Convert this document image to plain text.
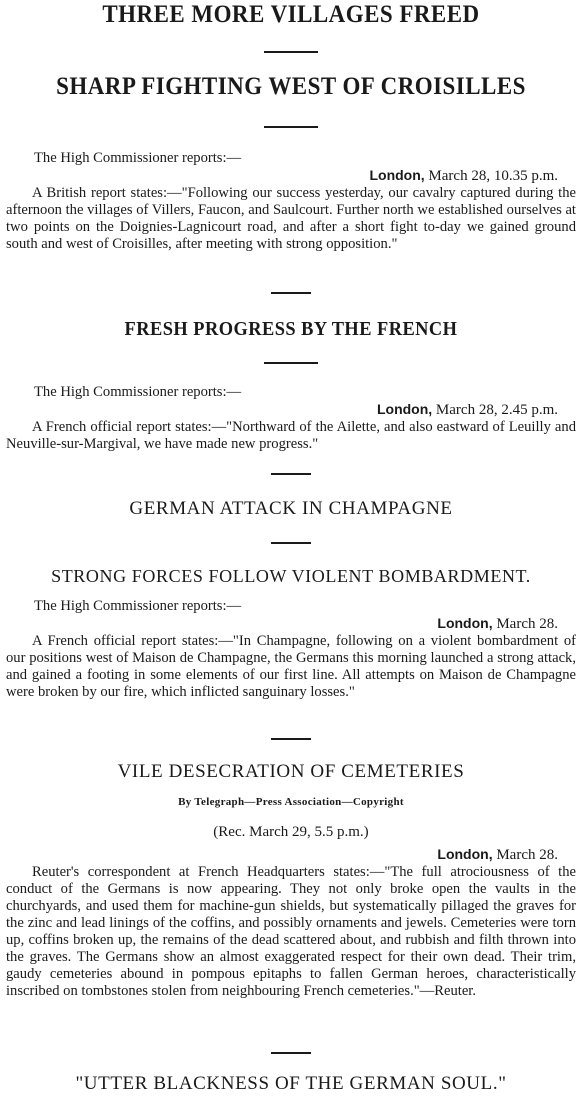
THREE MORE VILLAGES FREED
SHARP FIGHTING WEST OF CROISILLES

The High Commissioner reports:—

London, March 28, 10.35 p.m.

A British report states:—"Following our success yesterday, our cavalry captured during the afternoon the villages of Villers, Faucon, and Saulcourt. Further north we established ourselves at two points on the Doignies-Lagnicourt road, and after a short fight to-day we gained ground south and west of Croisilles, after meeting with strong opposition."

FRESH PROGRESS BY THE FRENCH

The High Commissioner reports:—

London, March 28, 2.45 p.m.

A French official report states:—"Northward of the Ailette, and also eastward of Leuilly and Neuville-sur-Margival, we have made new progress."

GERMAN ATTACK IN CHAMPAGNE
STRONG FORCES FOLLOW VIOLENT BOMBARDMENT.

The High Commissioner reports:—

London, March 28.

A French official report states:—"In Champagne, following on a violent bombardment of our positions west of Maison de Champagne, the Germans this morning launched a strong attack, and gained a footing in some elements of our first line. All attempts on Maison de Champagne were broken by our fire, which inflicted sanguinary losses."

VILE DESECRATION OF CEMETERIES

By Telegraph—Press Association—Copyright

(Rec. March 29, 5.5 p.m.)

London, March 28.

Reuter's correspondent at French Headquarters states:—"The full atrociousness of the conduct of the Germans is now appearing. They not only broke open the vaults in the churchyards, and used them for machine-gun shields, but systematically pillaged the graves for the zinc and lead linings of the coffins, and possibly ornaments and jewels. Cemeteries were torn up, coffins broken up, the remains of the dead scattered about, and rubbish and filth thrown into the graves. The Germans show an almost exaggerated respect for their own dead. Their trim, gaudy cemeteries abound in pompous epitaphs to fallen German heroes, characteristically inscribed on tombstones stolen from neighbouring French cemeteries."—Reuter.

"UTTER BLACKNESS OF THE GERMAN SOUL."
